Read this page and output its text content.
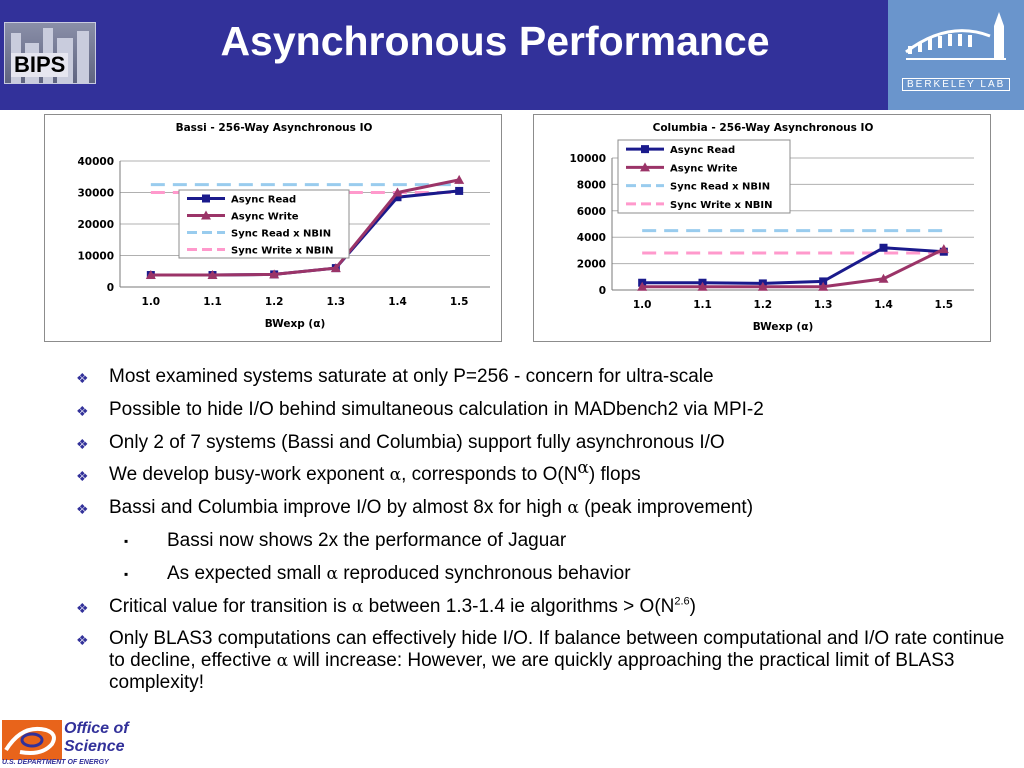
BIPS
Asynchronous Performance
BERKELEY LAB
Bassi - 256-Way Asynchronous IO
0
10000
20000
30000
40000
1.0	1.1	1.2	1.3	1.4	1.5
BWexp (α)
Async Read
Async Write
Sync Read x NBIN
Sync Write x NBIN
Columbia - 256-Way Asynchronous IO
0
2000
4000
6000
8000
10000
1.0	1.1	1.2	1.3	1.4	1.5
BWexp (α)
Async Read
Async Write
Sync Read x NBIN
Sync Write x NBIN
❖ Most examined systems saturate at only P=256 - concern for ultra-scale
❖ Possible to hide I/O behind simultaneous calculation in MADbench2 via MPI-2
❖ Only 2 of 7 systems (Bassi and Columbia) support fully asynchronous I/O
❖ We develop busy-work exponent α, corresponds to $O(N^\alpha)$ flops
❖ Bassi and Columbia improve I/O by almost 8x for high α (peak improvement)
▪ Bassi now shows 2x the performance of Jaguar
▪ As expected small α reproduced synchronous behavior
❖ Critical value for transition is α between 1.3-1.4 ie algorithms > $O(N^{2.6})$
❖ Only BLAS3 computations can effectively hide I/O. If balance between computational and I/O rate continue to decline, effective α will increase: However, we are quickly approaching the practical limit of BLAS3 complexity!
Office of
Science
U.S. DEPARTMENT OF ENERGY
